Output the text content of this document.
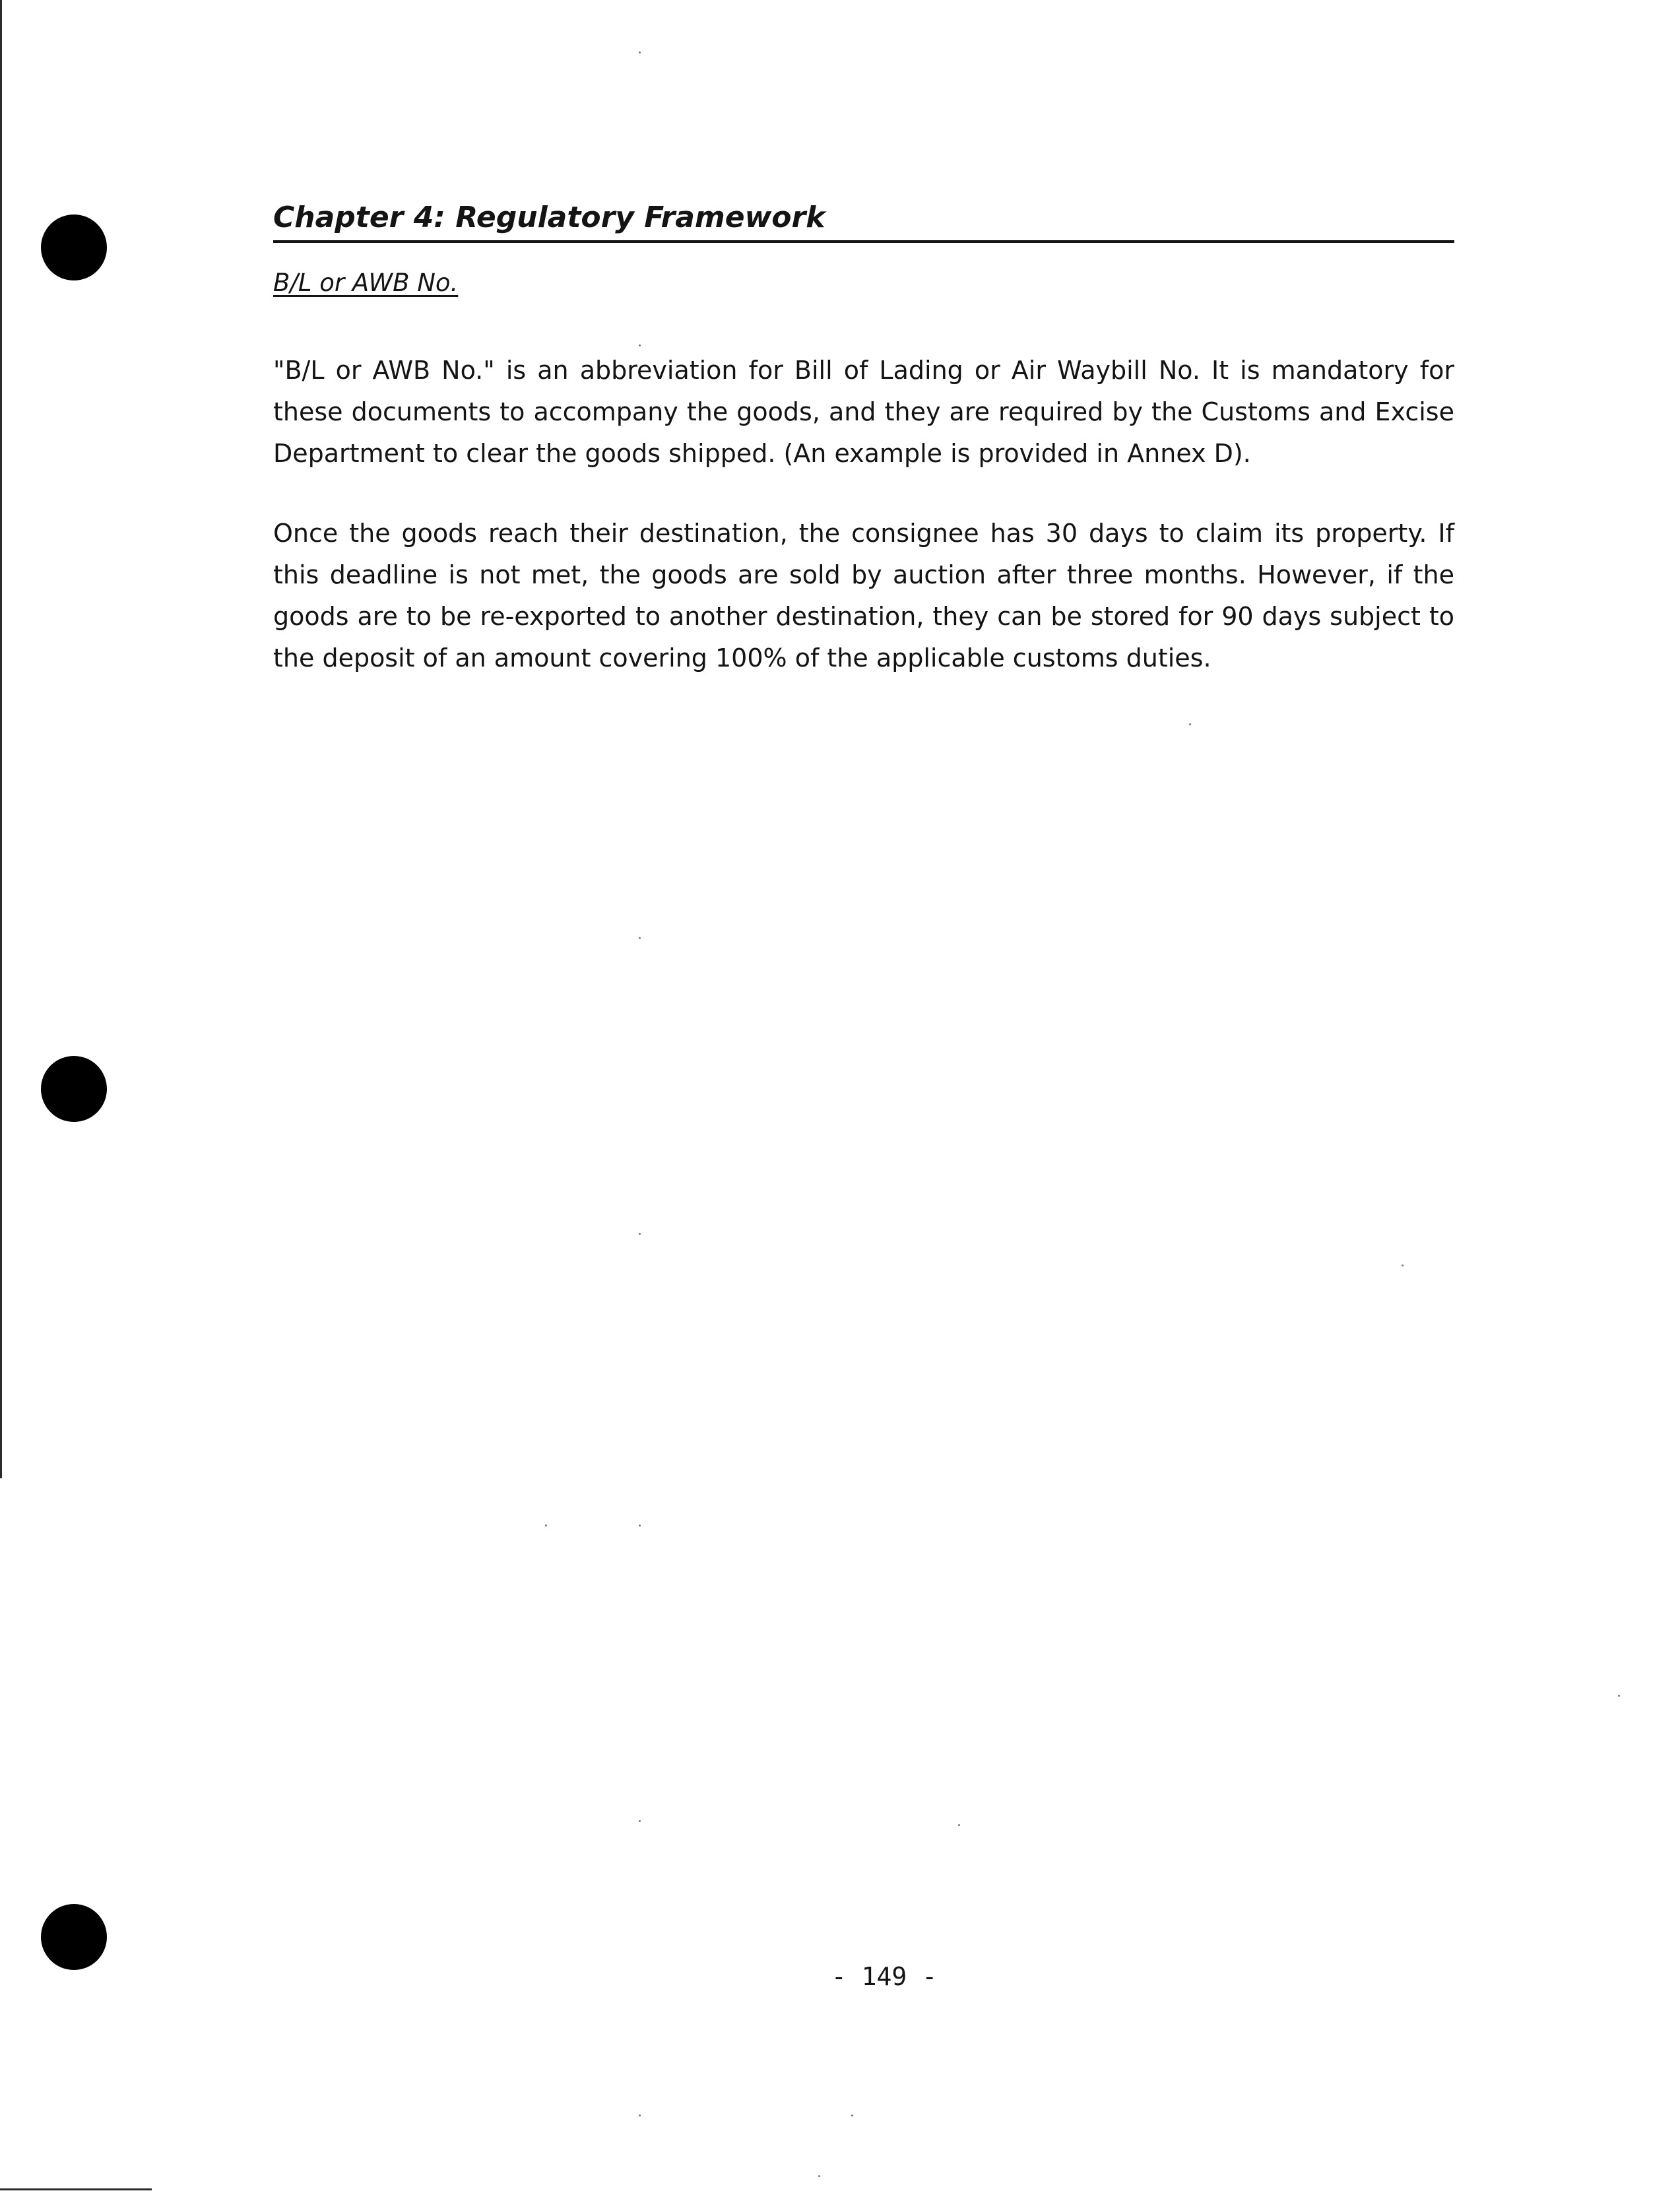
Chapter 4: Regulatory Framework
B/L or AWB No.

"B/L or AWB No." is an abbreviation for Bill of Lading or Air Waybill No. It is mandatory for these documents to accompany the goods, and they are required by the Customs and Excise Department to clear the goods shipped. (An example is provided in Annex D).

Once the goods reach their destination, the consignee has 30 days to claim its property. If this deadline is not met, the goods are sold by auction after three months. However, if the goods are to be re-exported to another destination, they can be stored for 90 days subject to the deposit of an amount covering 100% of the applicable customs duties.

- 149 -
